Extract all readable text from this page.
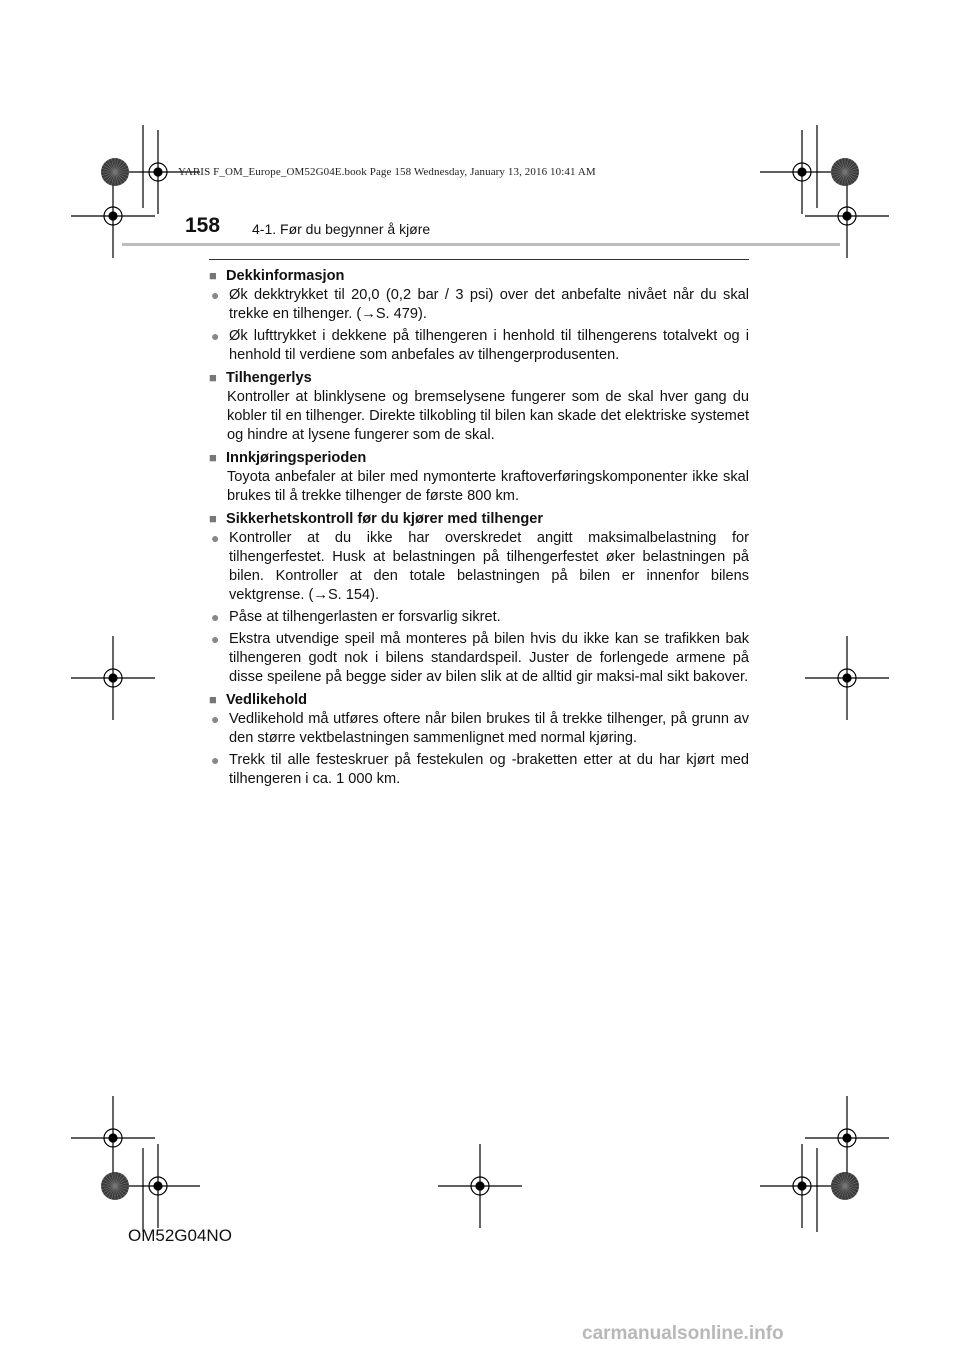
YARIS F_OM_Europe_OM52G04E.book Page 158 Wednesday, January 13, 2016 10:41 AM
158 4-1. Før du begynner å kjøre
■ Dekkinformasjon
● Øk dekktrykket til 20,0 (0,2 bar / 3 psi) over det anbefalte nivået når du skal trekke en tilhenger. (→S. 479).
● Øk lufttrykket i dekkene på tilhengeren i henhold til tilhengerens totalvekt og i henhold til verdiene som anbefales av tilhengerprodusenten.
■ Tilhengerlys
Kontroller at blinklysene og bremselysene fungerer som de skal hver gang du kobler til en tilhenger. Direkte tilkobling til bilen kan skade det elektriske systemet og hindre at lysene fungerer som de skal.
■ Innkjøringsperioden
Toyota anbefaler at biler med nymonterte kraftoverføringskomponenter ikke skal brukes til å trekke tilhenger de første 800 km.
■ Sikkerhetskontroll før du kjører med tilhenger
● Kontroller at du ikke har overskredet angitt maksimalbelastning for tilhengerfestet. Husk at belastningen på tilhengerfestet øker belastningen på bilen. Kontroller at den totale belastningen på bilen er innenfor bilens vektgrense. (→S. 154).
● Påse at tilhengerlasten er forsvarlig sikret.
● Ekstra utvendige speil må monteres på bilen hvis du ikke kan se trafikken bak tilhengeren godt nok i bilens standardspeil. Juster de forlengede armene på disse speilene på begge sider av bilen slik at de alltid gir maksi-mal sikt bakover.
■ Vedlikehold
● Vedlikehold må utføres oftere når bilen brukes til å trekke tilhenger, på grunn av den større vektbelastningen sammenlignet med normal kjøring.
● Trekk til alle festeskruer på festekulen og -braketten etter at du har kjørt med tilhengeren i ca. 1 000 km.
OM52G04NO
carmanualsonline.info
